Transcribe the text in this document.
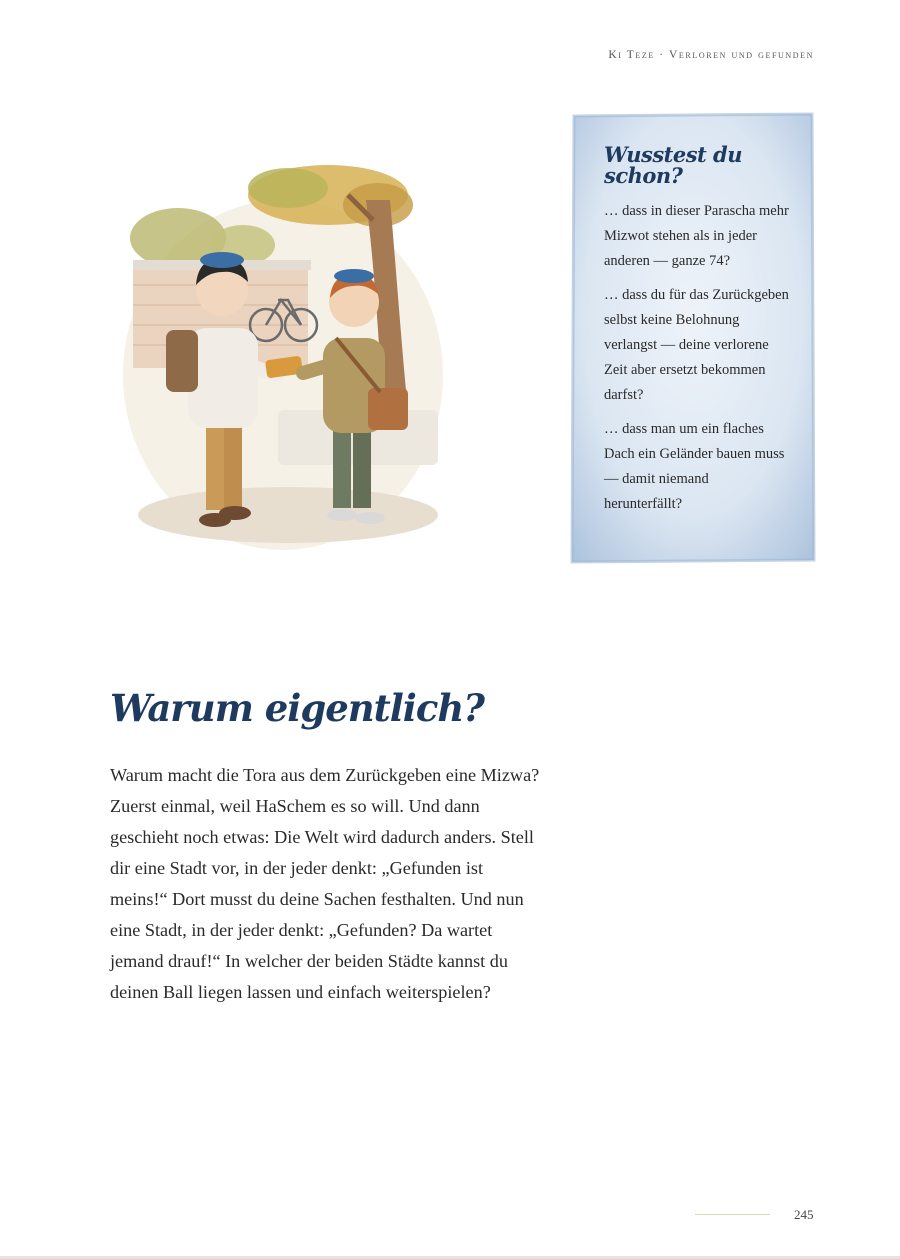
Ki Teze · Verloren und gefunden
Wusstest du schon?

… dass in dieser Parascha mehr Mizwot stehen als in jeder anderen — ganze 74?

… dass du für das Zurückgeben selbst keine Belohnung verlangst — deine verlorene Zeit aber ersetzt bekommen darfst?

… dass man um ein flaches Dach ein Geländer bauen muss — damit niemand herunterfällt?

Warum eigentlich?

Warum macht die Tora aus dem Zurückgeben eine Mizwa? Zuerst einmal, weil HaSchem es so will. Und dann geschieht noch etwas: Die Welt wird dadurch anders. Stell dir eine Stadt vor, in der jeder denkt: „Gefunden ist meins!“ Dort musst du deine Sachen festhalten. Und nun eine Stadt, in der jeder denkt: „Gefunden? Da wartet jemand drauf!“ In welcher der beiden Städte kannst du deinen Ball liegen lassen und einfach weiterspielen?

245
